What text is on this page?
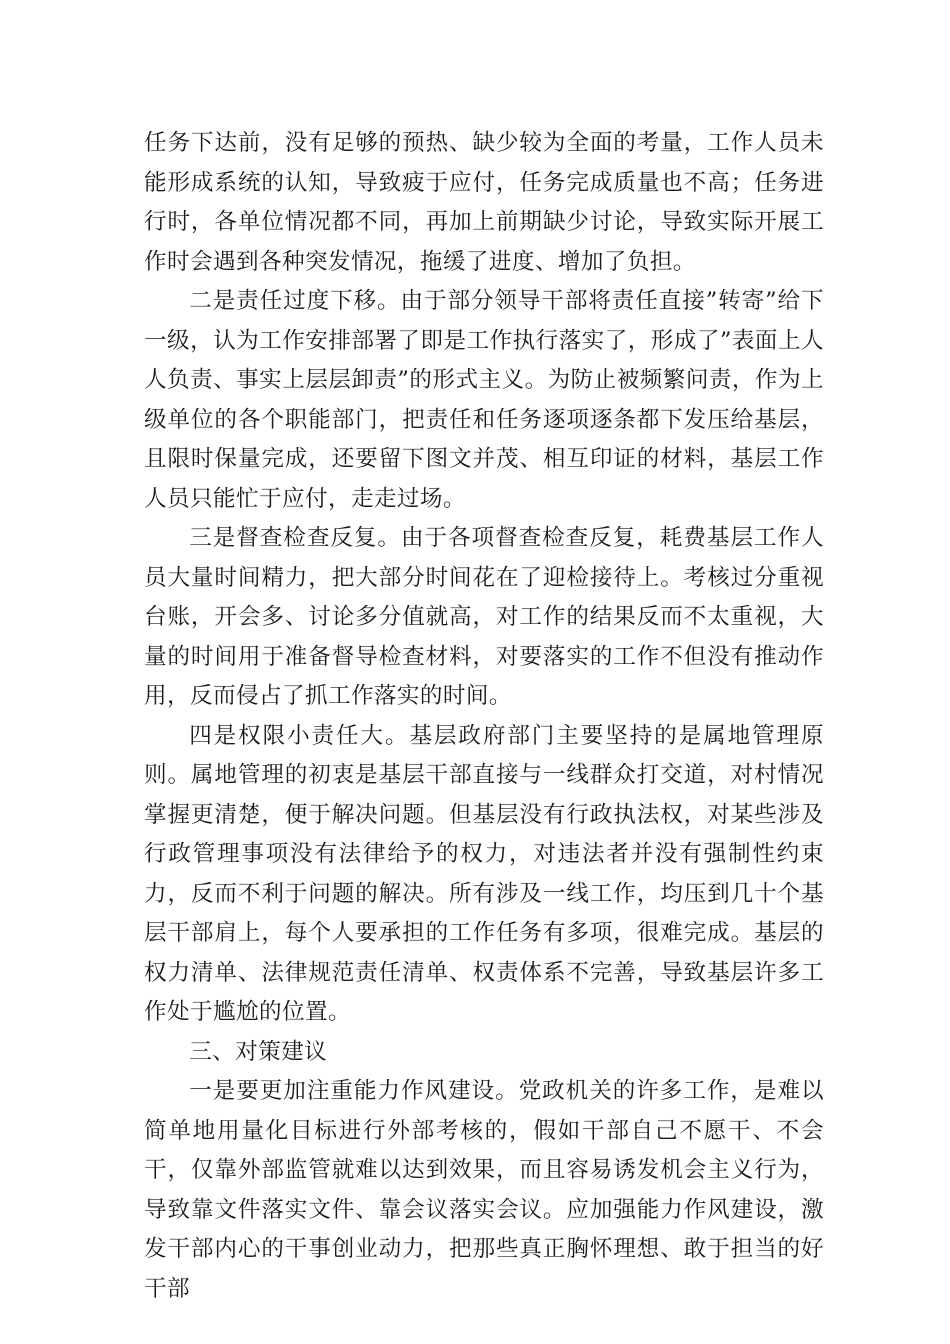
任务下达前，没有足够的预热、缺少较为全面的考量，工作人员未能形成系统的认知，导致疲于应付，任务完成质量也不高；任务进行时，各单位情况都不同，再加上前期缺少讨论，导致实际开展工作时会遇到各种突发情况，拖缓了进度、增加了负担。

二是责任过度下移。由于部分领导干部将责任直接”转寄”给下一级，认为工作安排部署了即是工作执行落实了，形成了”表面上人人负责、事实上层层卸责”的形式主义。为防止被频繁问责，作为上级单位的各个职能部门，把责任和任务逐项逐条都下发压给基层，且限时保量完成，还要留下图文并茂、相互印证的材料，基层工作人员只能忙于应付，走走过场。

三是督查检查反复。由于各项督查检查反复，耗费基层工作人员大量时间精力，把大部分时间花在了迎检接待上。考核过分重视台账，开会多、讨论多分值就高，对工作的结果反而不太重视，大量的时间用于准备督导检查材料，对要落实的工作不但没有推动作用，反而侵占了抓工作落实的时间。

四是权限小责任大。基层政府部门主要坚持的是属地管理原则。属地管理的初衷是基层干部直接与一线群众打交道，对村情况掌握更清楚，便于解决问题。但基层没有行政执法权，对某些涉及行政管理事项没有法律给予的权力，对违法者并没有强制性约束力，反而不利于问题的解决。所有涉及一线工作，均压到几十个基层干部肩上，每个人要承担的工作任务有多项，很难完成。基层的权力清单、法律规范责任清单、权责体系不完善，导致基层许多工作处于尴尬的位置。

三、对策建议

一是要更加注重能力作风建设。党政机关的许多工作，是难以简单地用量化目标进行外部考核的，假如干部自己不愿干、不会干，仅靠外部监管就难以达到效果，而且容易诱发机会主义行为，导致靠文件落实文件、靠会议落实会议。应加强能力作风建设，激发干部内心的干事创业动力，把那些真正胸怀理想、敢于担当的好干部
